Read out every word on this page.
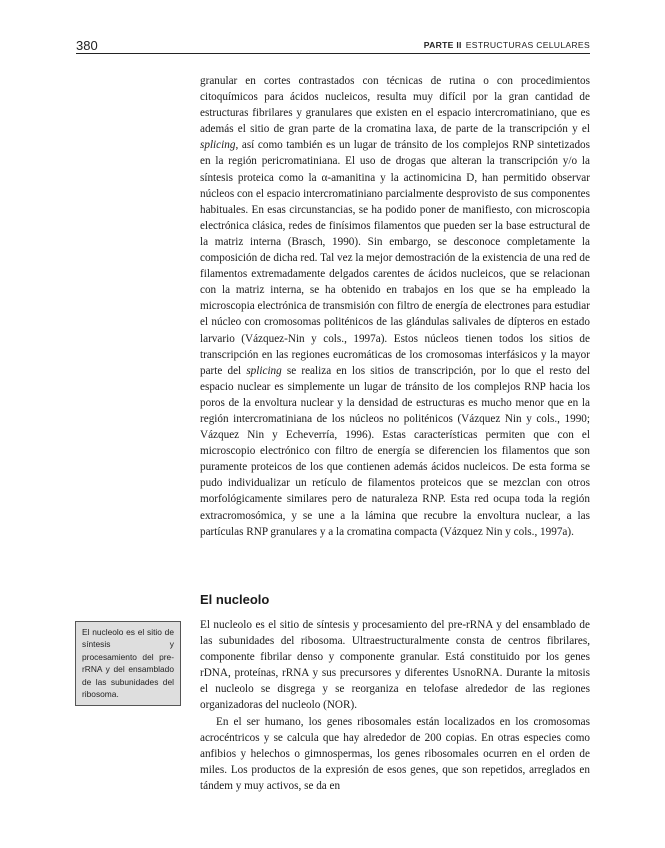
380	PARTE II ESTRUCTURAS CELULARES

granular en cortes contrastados con técnicas de rutina o con procedimientos citoquímicos para ácidos nucleicos, resulta muy difícil por la gran cantidad de estructuras fibrilares y granulares que existen en el espacio intercromatiniano, que es además el sitio de gran parte de la cromatina laxa, de parte de la transcripción y el splicing, así como también es un lugar de tránsito de los complejos RNP sintetizados en la región pericromatiniana. El uso de drogas que alteran la transcripción y/o la síntesis proteica como la α-amanitina y la actinomicina D, han permitido observar núcleos con el espacio intercromatiniano parcialmente desprovisto de sus componentes habituales. En esas circunstancias, se ha podido poner de manifiesto, con microscopia electrónica clásica, redes de finísimos filamentos que pueden ser la base estructural de la matriz interna (Brasch, 1990). Sin embargo, se desconoce completamente la composición de dicha red. Tal vez la mejor demostración de la existencia de una red de filamentos extremadamente delgados carentes de ácidos nucleicos, que se relacionan con la matriz interna, se ha obtenido en trabajos en los que se ha empleado la microscopia electrónica de transmisión con filtro de energía de electrones para estudiar el núcleo con cromosomas politénicos de las glándulas salivales de dípteros en estado larvario (Vázquez-Nin y cols., 1997a). Estos núcleos tienen todos los sitios de transcripción en las regiones eucromáticas de los cromosomas interfásicos y la mayor parte del splicing se realiza en los sitios de transcripción, por lo que el resto del espacio nuclear es simplemente un lugar de tránsito de los complejos RNP hacia los poros de la envoltura nuclear y la densidad de estructuras es mucho menor que en la región intercromatiniana de los núcleos no politénicos (Vázquez Nin y cols., 1990; Vázquez Nin y Echeverría, 1996). Estas características permiten que con el microscopio electrónico con filtro de energía se diferencien los filamentos que son puramente proteicos de los que contienen además ácidos nucleicos. De esta forma se pudo individualizar un retículo de filamentos proteicos que se mezclan con otros morfológicamente similares pero de naturaleza RNP. Esta red ocupa toda la región extracromosómica, y se une a la lámina que recubre la envoltura nuclear, a las partículas RNP granulares y a la cromatina compacta (Vázquez Nin y cols., 1997a).

El nucleolo

El nucleolo es el sitio de síntesis y procesamiento del pre-rRNA y del ensamblado de las subunidades del ribosoma.

El nucleolo es el sitio de síntesis y procesamiento del pre-rRNA y del ensamblado de las subunidades del ribosoma. Ultraestructuralmente consta de centros fibrilares, componente fibrilar denso y componente granular. Está constituido por los genes rDNA, proteínas, rRNA y sus precursores y diferentes UsnoRNA. Durante la mitosis el nucleolo se disgrega y se reorganiza en telofase alrededor de las regiones organizadoras del nucleolo (NOR).

En el ser humano, los genes ribosomales están localizados en los cromosomas acrocéntricos y se calcula que hay alrededor de 200 copias. En otras especies como anfibios y helechos o gimnospermas, los genes ribosomales ocurren en el orden de miles. Los productos de la expresión de esos genes, que son repetidos, arreglados en tándem y muy activos, se da en
